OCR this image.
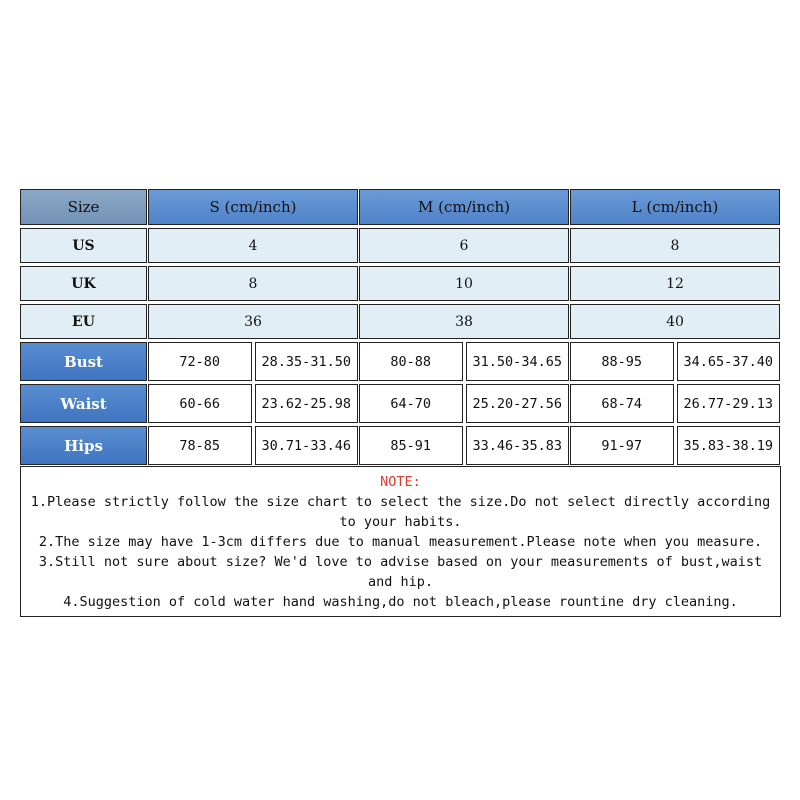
Size	S (cm/inch)	M (cm/inch)	L (cm/inch)
US	4	6	8
UK	8	10	12
EU	36	38	40
Bust	72-80	28.35-31.50	80-88	31.50-34.65	88-95	34.65-37.40
Waist	60-66	23.62-25.98	64-70	25.20-27.56	68-74	26.77-29.13
Hips	78-85	30.71-33.46	85-91	33.46-35.83	91-97	35.83-38.19
NOTE:
1.Please strictly follow the size chart to select the size.Do not select directly according to your habits.
2.The size may have 1-3cm differs due to manual measurement.Please note when you measure.
3.Still not sure about size? We'd love to advise based on your measurements of bust,waist and hip.
4.Suggestion of cold water hand washing,do not bleach,please rountine dry cleaning.
